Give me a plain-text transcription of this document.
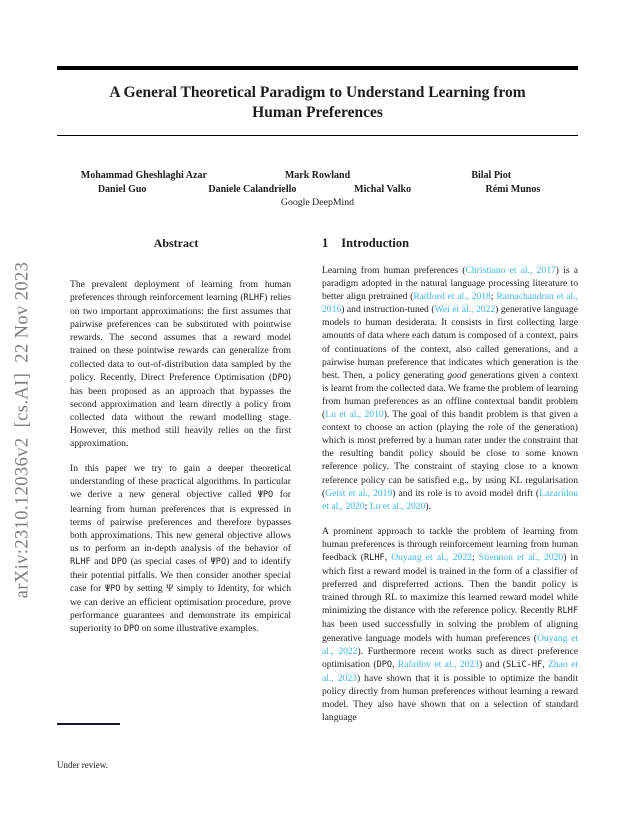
arXiv:2310.12036v2  [cs.AI]  22 Nov 2023
A General Theoretical Paradigm to Understand Learning from
Human Preferences
Mohammad Gheshlaghi Azar	Mark Rowland	Bilal Piot
Daniel Guo	Daniele Calandriello	Michal Valko	Rémi Munos
Google DeepMind
Abstract

The prevalent deployment of learning from human preferences through reinforcement learning (RLHF) relies on two important approximations: the first assumes that pairwise preferences can be substituted with pointwise rewards. The second assumes that a reward model trained on these pointwise rewards can generalize from collected data to out-of-distribution data sampled by the policy. Recently, Direct Preference Optimisation (DPO) has been proposed as an approach that bypasses the second approximation and learn directly a policy from collected data without the reward modelling stage. However, this method still heavily relies on the first approximation.

In this paper we try to gain a deeper theoretical understanding of these practical algorithms. In particular we derive a new general objective called ΨPO for learning from human preferences that is expressed in terms of pairwise preferences and therefore bypasses both approximations. This new general objective allows us to perform an in-depth analysis of the behavior of RLHF and DPO (as special cases of ΨPO) and to identify their potential pitfalls. We then consider another special case for ΨPO by setting Ψ simply to Identity, for which we can derive an efficient optimisation procedure, prove performance guarantees and demonstrate its empirical superiority to DPO on some illustrative examples.

1 Introduction

Learning from human preferences (Christiano et al., 2017) is a paradigm adopted in the natural language processing literature to better align pretrained (Radford et al., 2018; Ramachandran et al., 2016) and instruction-tuned (Wei et al., 2022) generative language models to human desiderata. It consists in first collecting large amounts of data where each datum is composed of a context, pairs of continuations of the context, also called generations, and a pairwise human preference that indicates which generation is the best. Then, a policy generating good generations given a context is learnt from the collected data. We frame the problem of learning from human preferences as an offline contextual bandit problem (Lu et al., 2010). The goal of this bandit problem is that given a context to choose an action (playing the role of the generation) which is most preferred by a human rater under the constraint that the resulting bandit policy should be close to some known reference policy. The constraint of staying close to a known reference policy can be satisfied e.g., by using KL regularisation (Geist et al., 2019) and its role is to avoid model drift (Lazaridou et al., 2020; Lu et al., 2020).

A prominent approach to tackle the problem of learning from human preferences is through reinforcement learning from human feedback (RLHF, Ouyang et al., 2022; Stiennon et al., 2020) in which first a reward model is trained in the form of a classifier of preferred and dispreferred actions. Then the bandit policy is trained through RL to maximize this learned reward model while minimizing the distance with the reference policy. Recently RLHF has been used successfully in solving the problem of aligning generative language models with human preferences (Ouyang et al., 2022). Furthermore recent works such as direct preference optimisation (DPO, Rafailov et al., 2023) and (SLiC-HF, Zhao et al., 2023) have shown that it is possible to optimize the bandit policy directly from human preferences without learning a reward model. They also have shown that on a selection of standard language

Under review.
